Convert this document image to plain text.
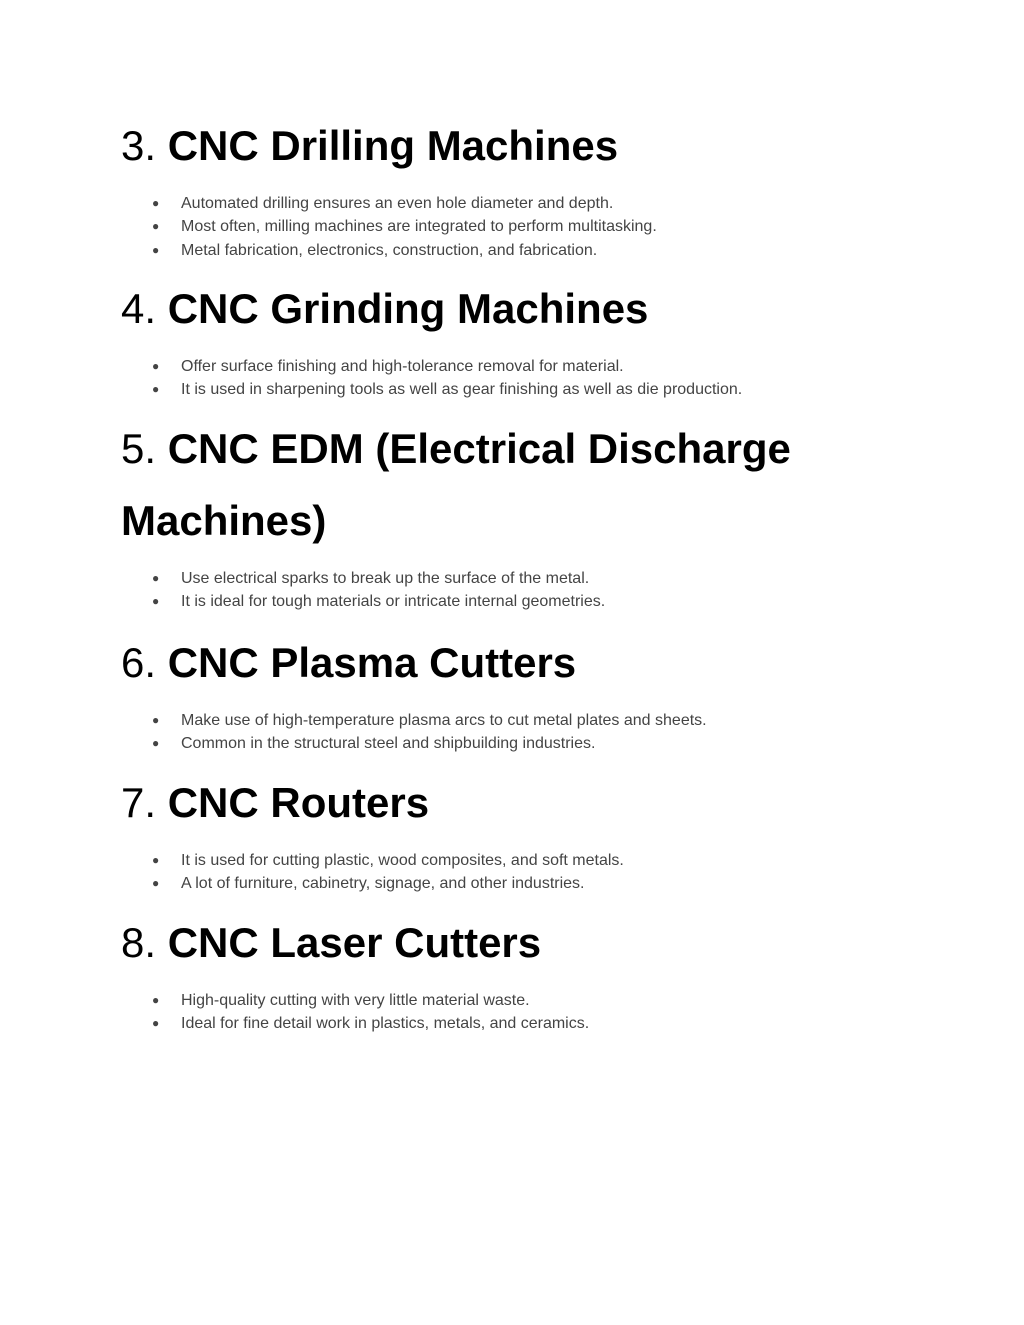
3. CNC Drilling Machines
● Automated drilling ensures an even hole diameter and depth.
● Most often, milling machines are integrated to perform multitasking.
● Metal fabrication, electronics, construction, and fabrication.
4. CNC Grinding Machines
● Offer surface finishing and high-tolerance removal for material.
● It is used in sharpening tools as well as gear finishing as well as die production.
5. CNC EDM (Electrical Discharge Machines)
● Use electrical sparks to break up the surface of the metal.
● It is ideal for tough materials or intricate internal geometries.
6. CNC Plasma Cutters
● Make use of high-temperature plasma arcs to cut metal plates and sheets.
● Common in the structural steel and shipbuilding industries.
7. CNC Routers
● It is used for cutting plastic, wood composites, and soft metals.
● A lot of furniture, cabinetry, signage, and other industries.
8. CNC Laser Cutters
● High-quality cutting with very little material waste.
● Ideal for fine detail work in plastics, metals, and ceramics.
